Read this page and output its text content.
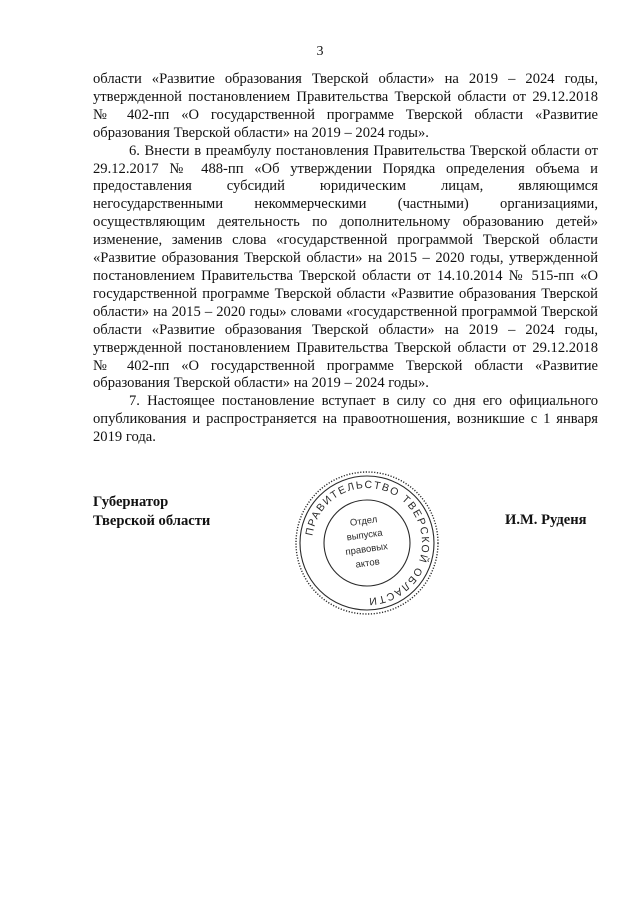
3

области «Развитие образования Тверской области» на 2019 – 2024 годы, утвержденной постановлением Правительства Тверской области от 29.12.2018 № 402-пп «О государственной программе Тверской области «Развитие образования Тверской области» на 2019 – 2024 годы».

6. Внести в преамбулу постановления Правительства Тверской области от 29.12.2017 № 488-пп «Об утверждении Порядка определения объема и предоставления субсидий юридическим лицам, являющимся негосударственными некоммерческими (частными) организациями, осуществляющим деятельность по дополнительному образованию детей» изменение, заменив слова «государственной программой Тверской области «Развитие образования Тверской области» на 2015 – 2020 годы, утвержденной постановлением Правительства Тверской области от 14.10.2014 № 515-пп «О государственной программе Тверской области «Развитие образования Тверской области» на 2015 – 2020 годы» словами «государственной программой Тверской области «Развитие образования Тверской области» на 2019 – 2024 годы, утвержденной постановлением Правительства Тверской области от 29.12.2018 № 402-пп «О государственной программе Тверской области «Развитие образования Тверской области» на 2019 – 2024 годы».

7. Настоящее постановление вступает в силу со дня его официального опубликования и распространяется на правоотношения, возникшие с 1 января 2019 года.

Губернатор
Тверской области	И.М. Руденя
ПРАВИТЕЛЬСТВО ТВЕРСКОЙ ОБЛАСТИ
Отдел
выпуска
правовых
актов
